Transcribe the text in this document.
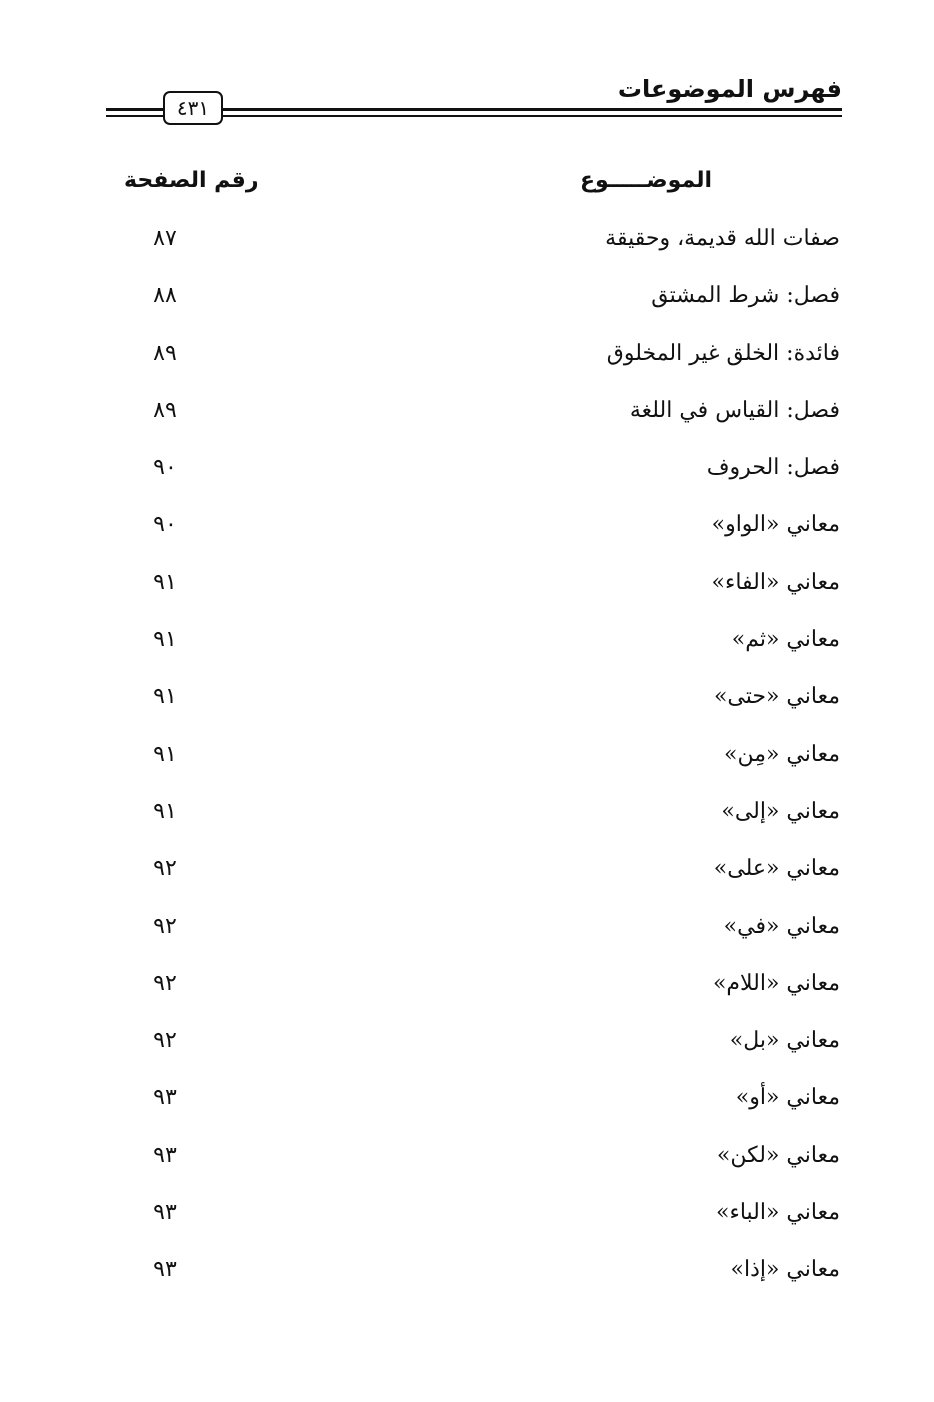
فهرس الموضوعات
٤٣١
الموضـــــوع
رقم الصفحة
صفات الله قديمة، وحقيقة
٨٧
فصل: شرط المشتق
٨٨
فائدة: الخلق غير المخلوق
٨٩
فصل: القياس في اللغة
٨٩
فصل: الحروف
٩٠
معاني «الواو»
٩٠
معاني «الفاء»
٩١
معاني «ثم»
٩١
معاني «حتى»
٩١
معاني «مِن»
٩١
معاني «إلى»
٩١
معاني «على»
٩٢
معاني «في»
٩٢
معاني «اللام»
٩٢
معاني «بل»
٩٢
معاني «أو»
٩٣
معاني «لكن»
٩٣
معاني «الباء»
٩٣
معاني «إذا»
٩٣
